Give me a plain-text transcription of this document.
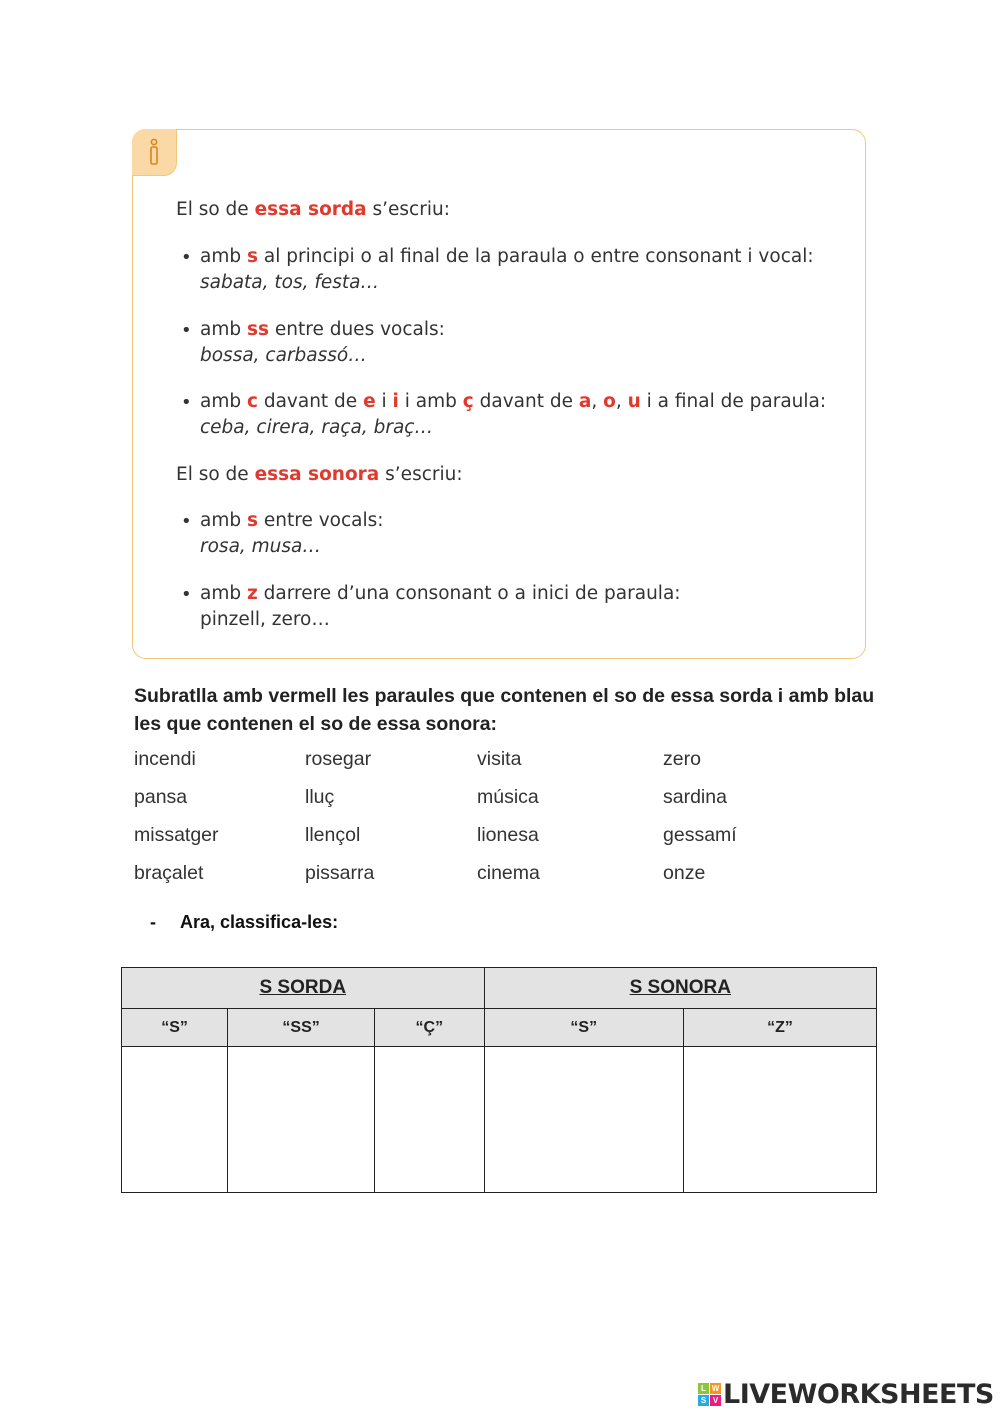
El so de essa sorda s’escriu:
• amb s al principi o al final de la paraula o entre consonant i vocal:
sabata, tos, festa…
• amb ss entre dues vocals:
bossa, carbassó…
• amb c davant de e i i i amb ç davant de a, o, u i a final de paraula:
ceba, cirera, raça, braç…
• amb s entre vocals:
rosa, musa…
• amb z darrere d’una consonant o a inici de paraula:
pinzell, zero…
El so de essa sonora s’escriu:
Subratlla amb vermell les paraules que contenen el so de essa sorda i amb blau les que contenen el so de essa sonora:
incendi	rosegar	visita	zero
pansa	lluç	música	sardina
missatger	llençol	lionesa	gessamí
braçalet	pissarra	cinema	onze
- Ara, classifica-les:
S SORDA			S SONORA	
“S”	“SS”	“Ç”	“S”	“Z”

L W
S V LIVEWORKSHEETS
